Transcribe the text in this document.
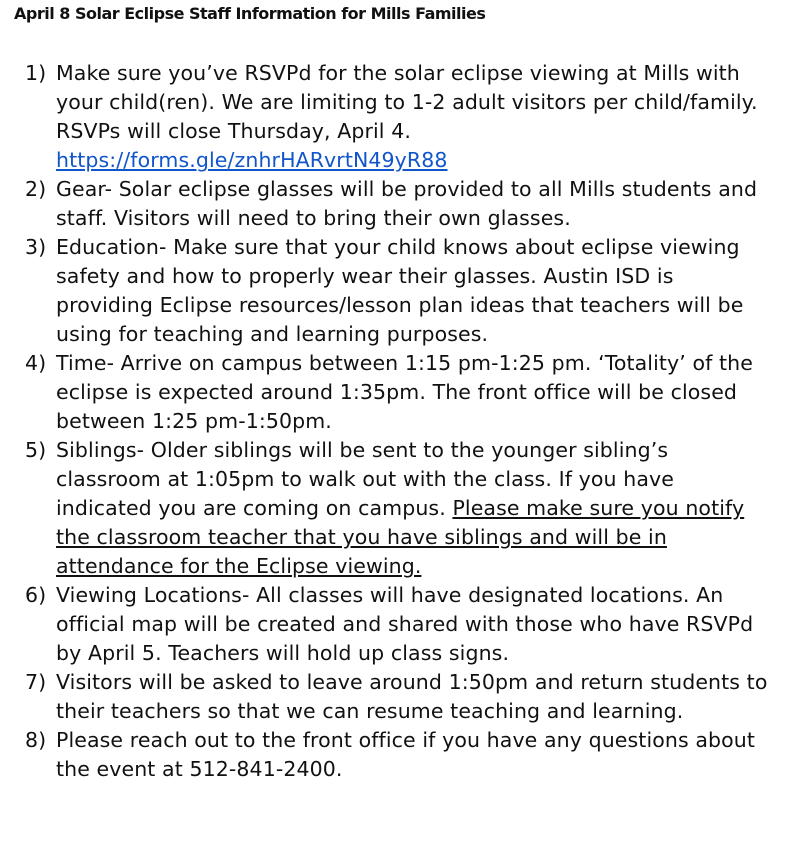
April 8 Solar Eclipse Staff Information for Mills Families
1) Make sure you’ve RSVPd for the solar eclipse viewing at Mills with your child(ren). We are limiting to 1-2 adult visitors per child/family. RSVPs will close Thursday, April 4. https://forms.gle/znhrHARvrtN49yR88
2) Gear- Solar eclipse glasses will be provided to all Mills students and staff. Visitors will need to bring their own glasses.
3) Education- Make sure that your child knows about eclipse viewing safety and how to properly wear their glasses. Austin ISD is providing Eclipse resources/lesson plan ideas that teachers will be using for teaching and learning purposes.
4) Time- Arrive on campus between 1:15 pm-1:25 pm. ‘Totality’ of the eclipse is expected around 1:35pm. The front office will be closed between 1:25 pm-1:50pm.
5) Siblings- Older siblings will be sent to the younger sibling’s classroom at 1:05pm to walk out with the class. If you have indicated you are coming on campus. Please make sure you notify the classroom teacher that you have siblings and will be in attendance for the Eclipse viewing.
6) Viewing Locations- All classes will have designated locations. An official map will be created and shared with those who have RSVPd by April 5. Teachers will hold up class signs.
7) Visitors will be asked to leave around 1:50pm and return students to their teachers so that we can resume teaching and learning.
8) Please reach out to the front office if you have any questions about the event at 512-841-2400.
